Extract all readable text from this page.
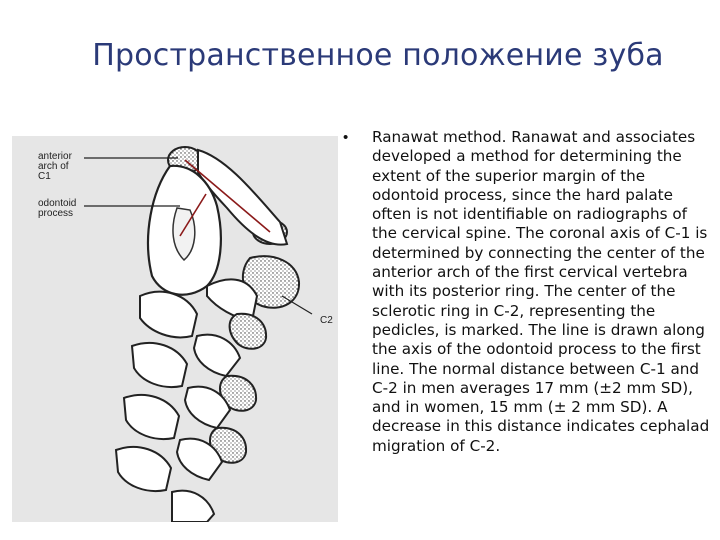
Пространственное положение зуба
anterior arch of C1
odontoid process
C2
• Ranawat method. Ranawat and associates developed a method for determining the extent of the superior margin of the odontoid process, since the hard palate often is not identifiable on radiographs of the cervical spine. The coronal axis of C-1 is determined by connecting the center of the anterior arch of the first cervical vertebra with its posterior ring. The center of the sclerotic ring in C-2, representing the pedicles, is marked. The line is drawn along the axis of the odontoid process to the first line. The normal distance between C-1 and C-2 in men averages 17 mm (±2 mm SD), and in women, 15 mm (± 2 mm SD). A decrease in this distance indicates cephalad migration of C-2.
